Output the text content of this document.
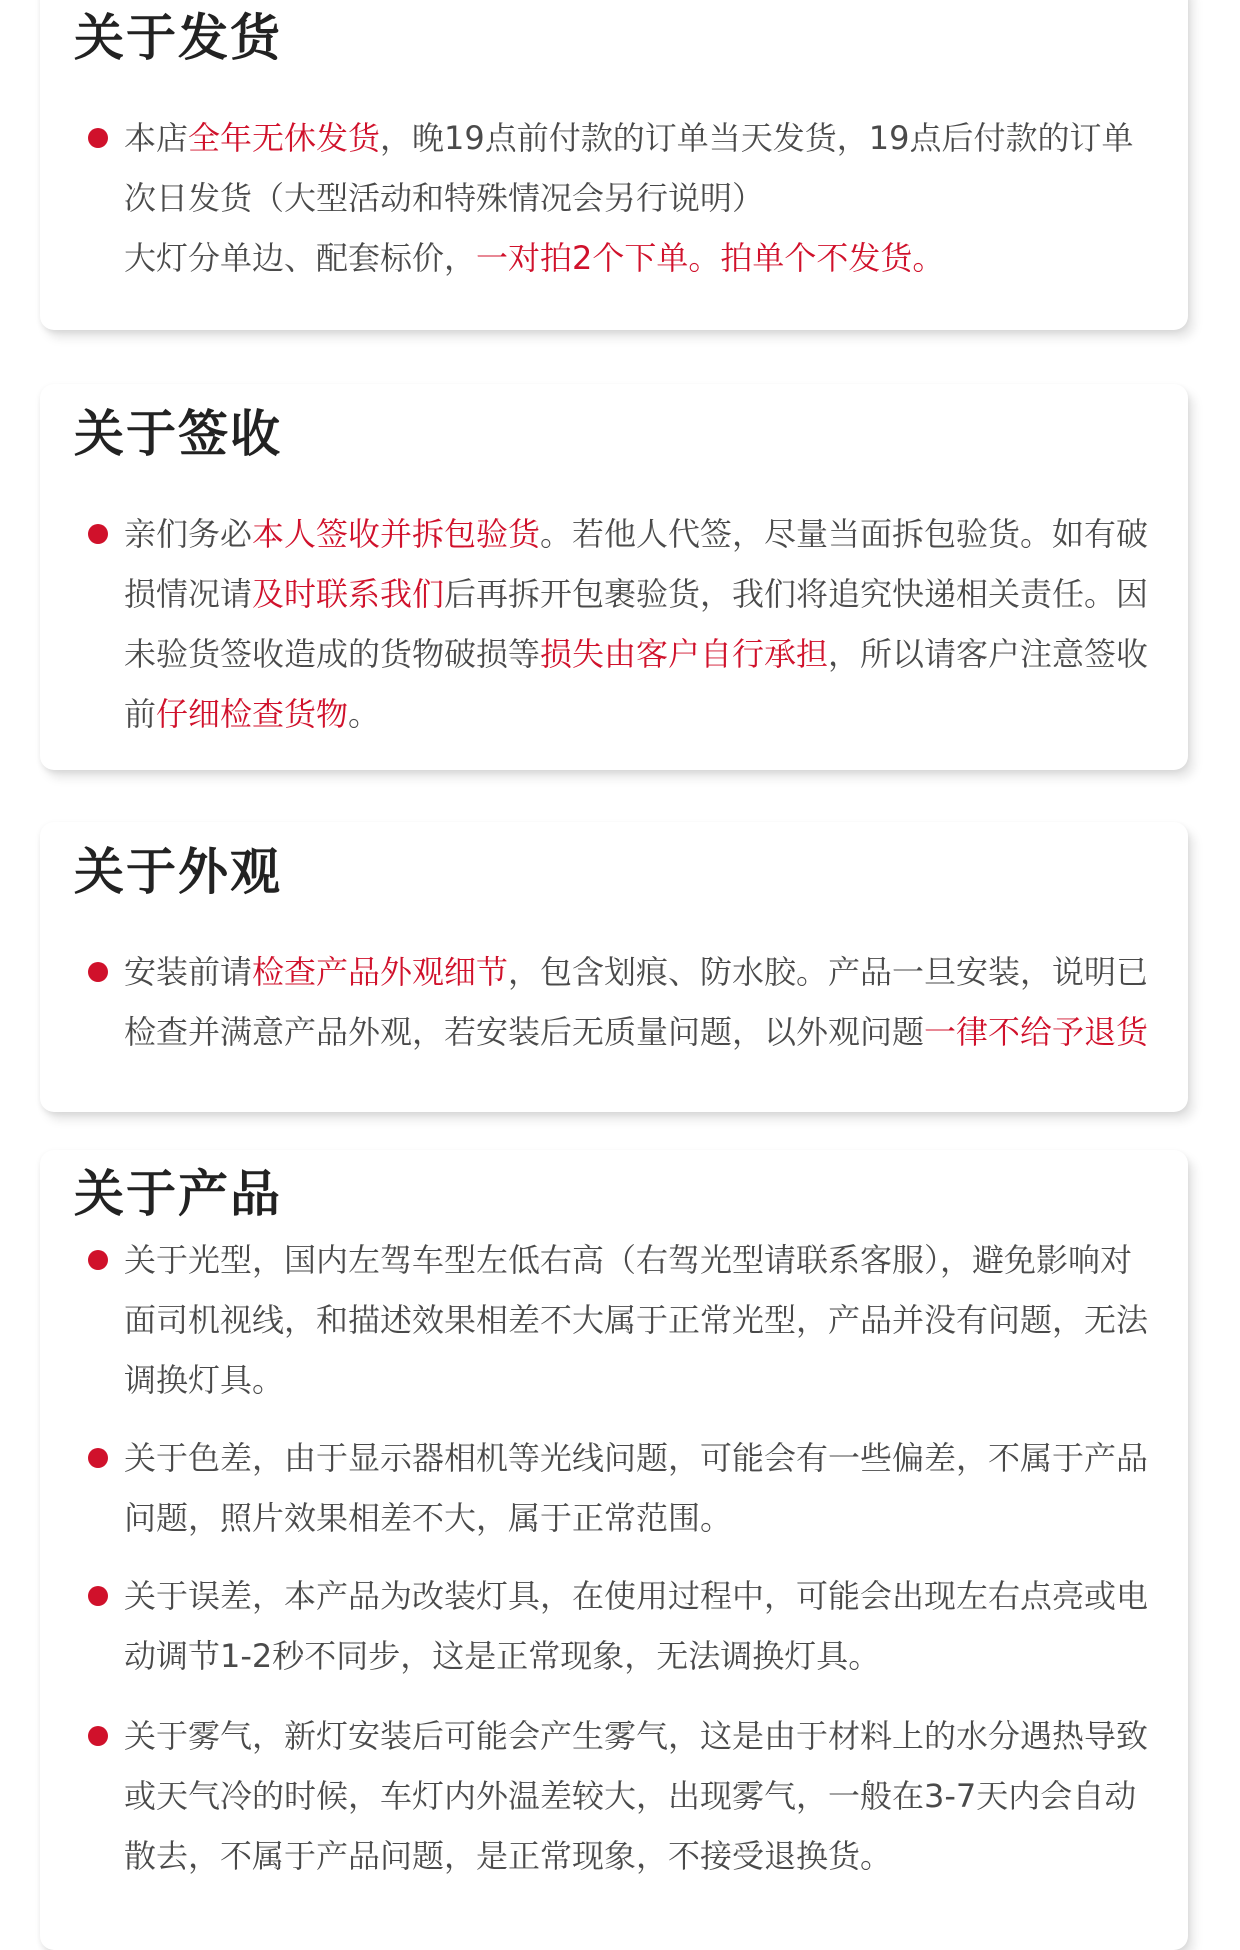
关于发货
本店全年无休发货，晚19点前付款的订单当天发货，19点后付款的订单次日发货（大型活动和特殊情况会另行说明）
大灯分单边、配套标价，一对拍2个下单。拍单个不发货。
关于签收
亲们务必本人签收并拆包验货。若他人代签，尽量当面拆包验货。如有破损情况请及时联系我们后再拆开包裹验货，我们将追究快递相关责任。因未验货签收造成的货物破损等损失由客户自行承担，所以请客户注意签收前仔细检查货物。
关于外观
安装前请检查产品外观细节，包含划痕、防水胶。产品一旦安装，说明已检查并满意产品外观，若安装后无质量问题，以外观问题一律不给予退货
关于产品
关于光型，国内左驾车型左低右高（右驾光型请联系客服），避免影响对面司机视线，和描述效果相差不大属于正常光型，产品并没有问题，无法调换灯具。
关于色差，由于显示器相机等光线问题，可能会有一些偏差，不属于产品问题，照片效果相差不大，属于正常范围。
关于误差，本产品为改装灯具，在使用过程中，可能会出现左右点亮或电动调节1-2秒不同步，这是正常现象，无法调换灯具。
关于雾气，新灯安装后可能会产生雾气，这是由于材料上的水分遇热导致或天气冷的时候，车灯内外温差较大，出现雾气，一般在3-7天内会自动散去，不属于产品问题，是正常现象，不接受退换货。
